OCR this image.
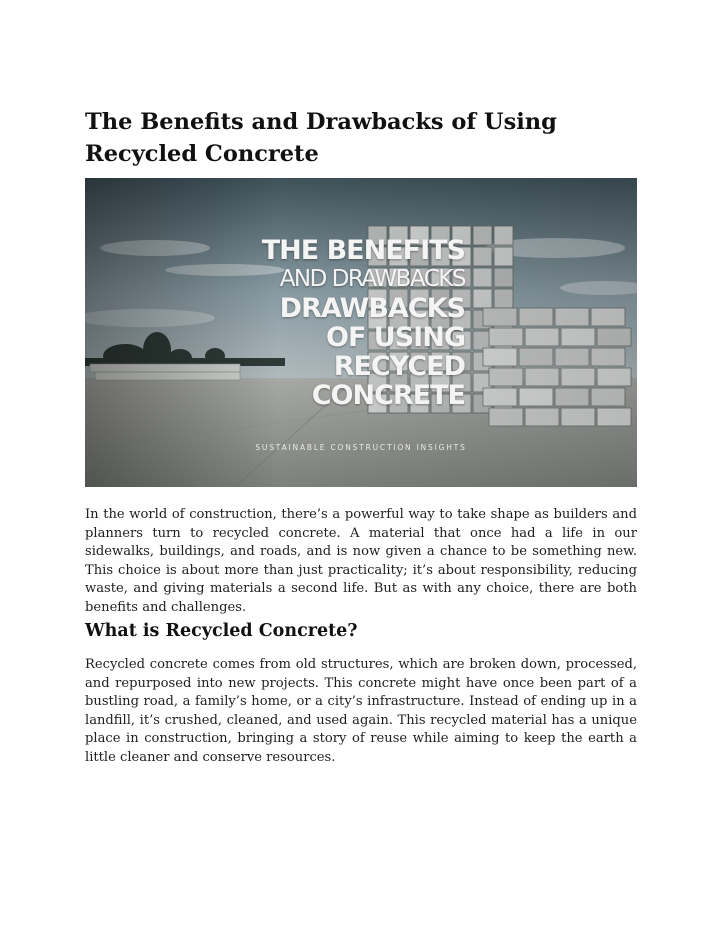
The Benefits and Drawbacks of Using Recycled Concrete
THE BENEFITS
AND DRAWBACKS
DRAWBACKS
OF USING
RECYCED
CONCRETE
SUSTAINABLE CONSTRUCTION INSIGHTS

In the world of construction, there’s a powerful way to take shape as builders and planners turn to recycled concrete. A material that once had a life in our sidewalks, buildings, and roads, and is now given a chance to be something new. This choice is about more than just practicality; it’s about responsibility, reducing waste, and giving materials a second life. But as with any choice, there are both benefits and challenges.

What is Recycled Concrete?

Recycled concrete comes from old structures, which are broken down, processed, and repurposed into new projects. This concrete might have once been part of a bustling road, a family’s home, or a city’s infrastructure. Instead of ending up in a landfill, it’s crushed, cleaned, and used again. This recycled material has a unique place in construction, bringing a story of reuse while aiming to keep the earth a little cleaner and conserve resources.
